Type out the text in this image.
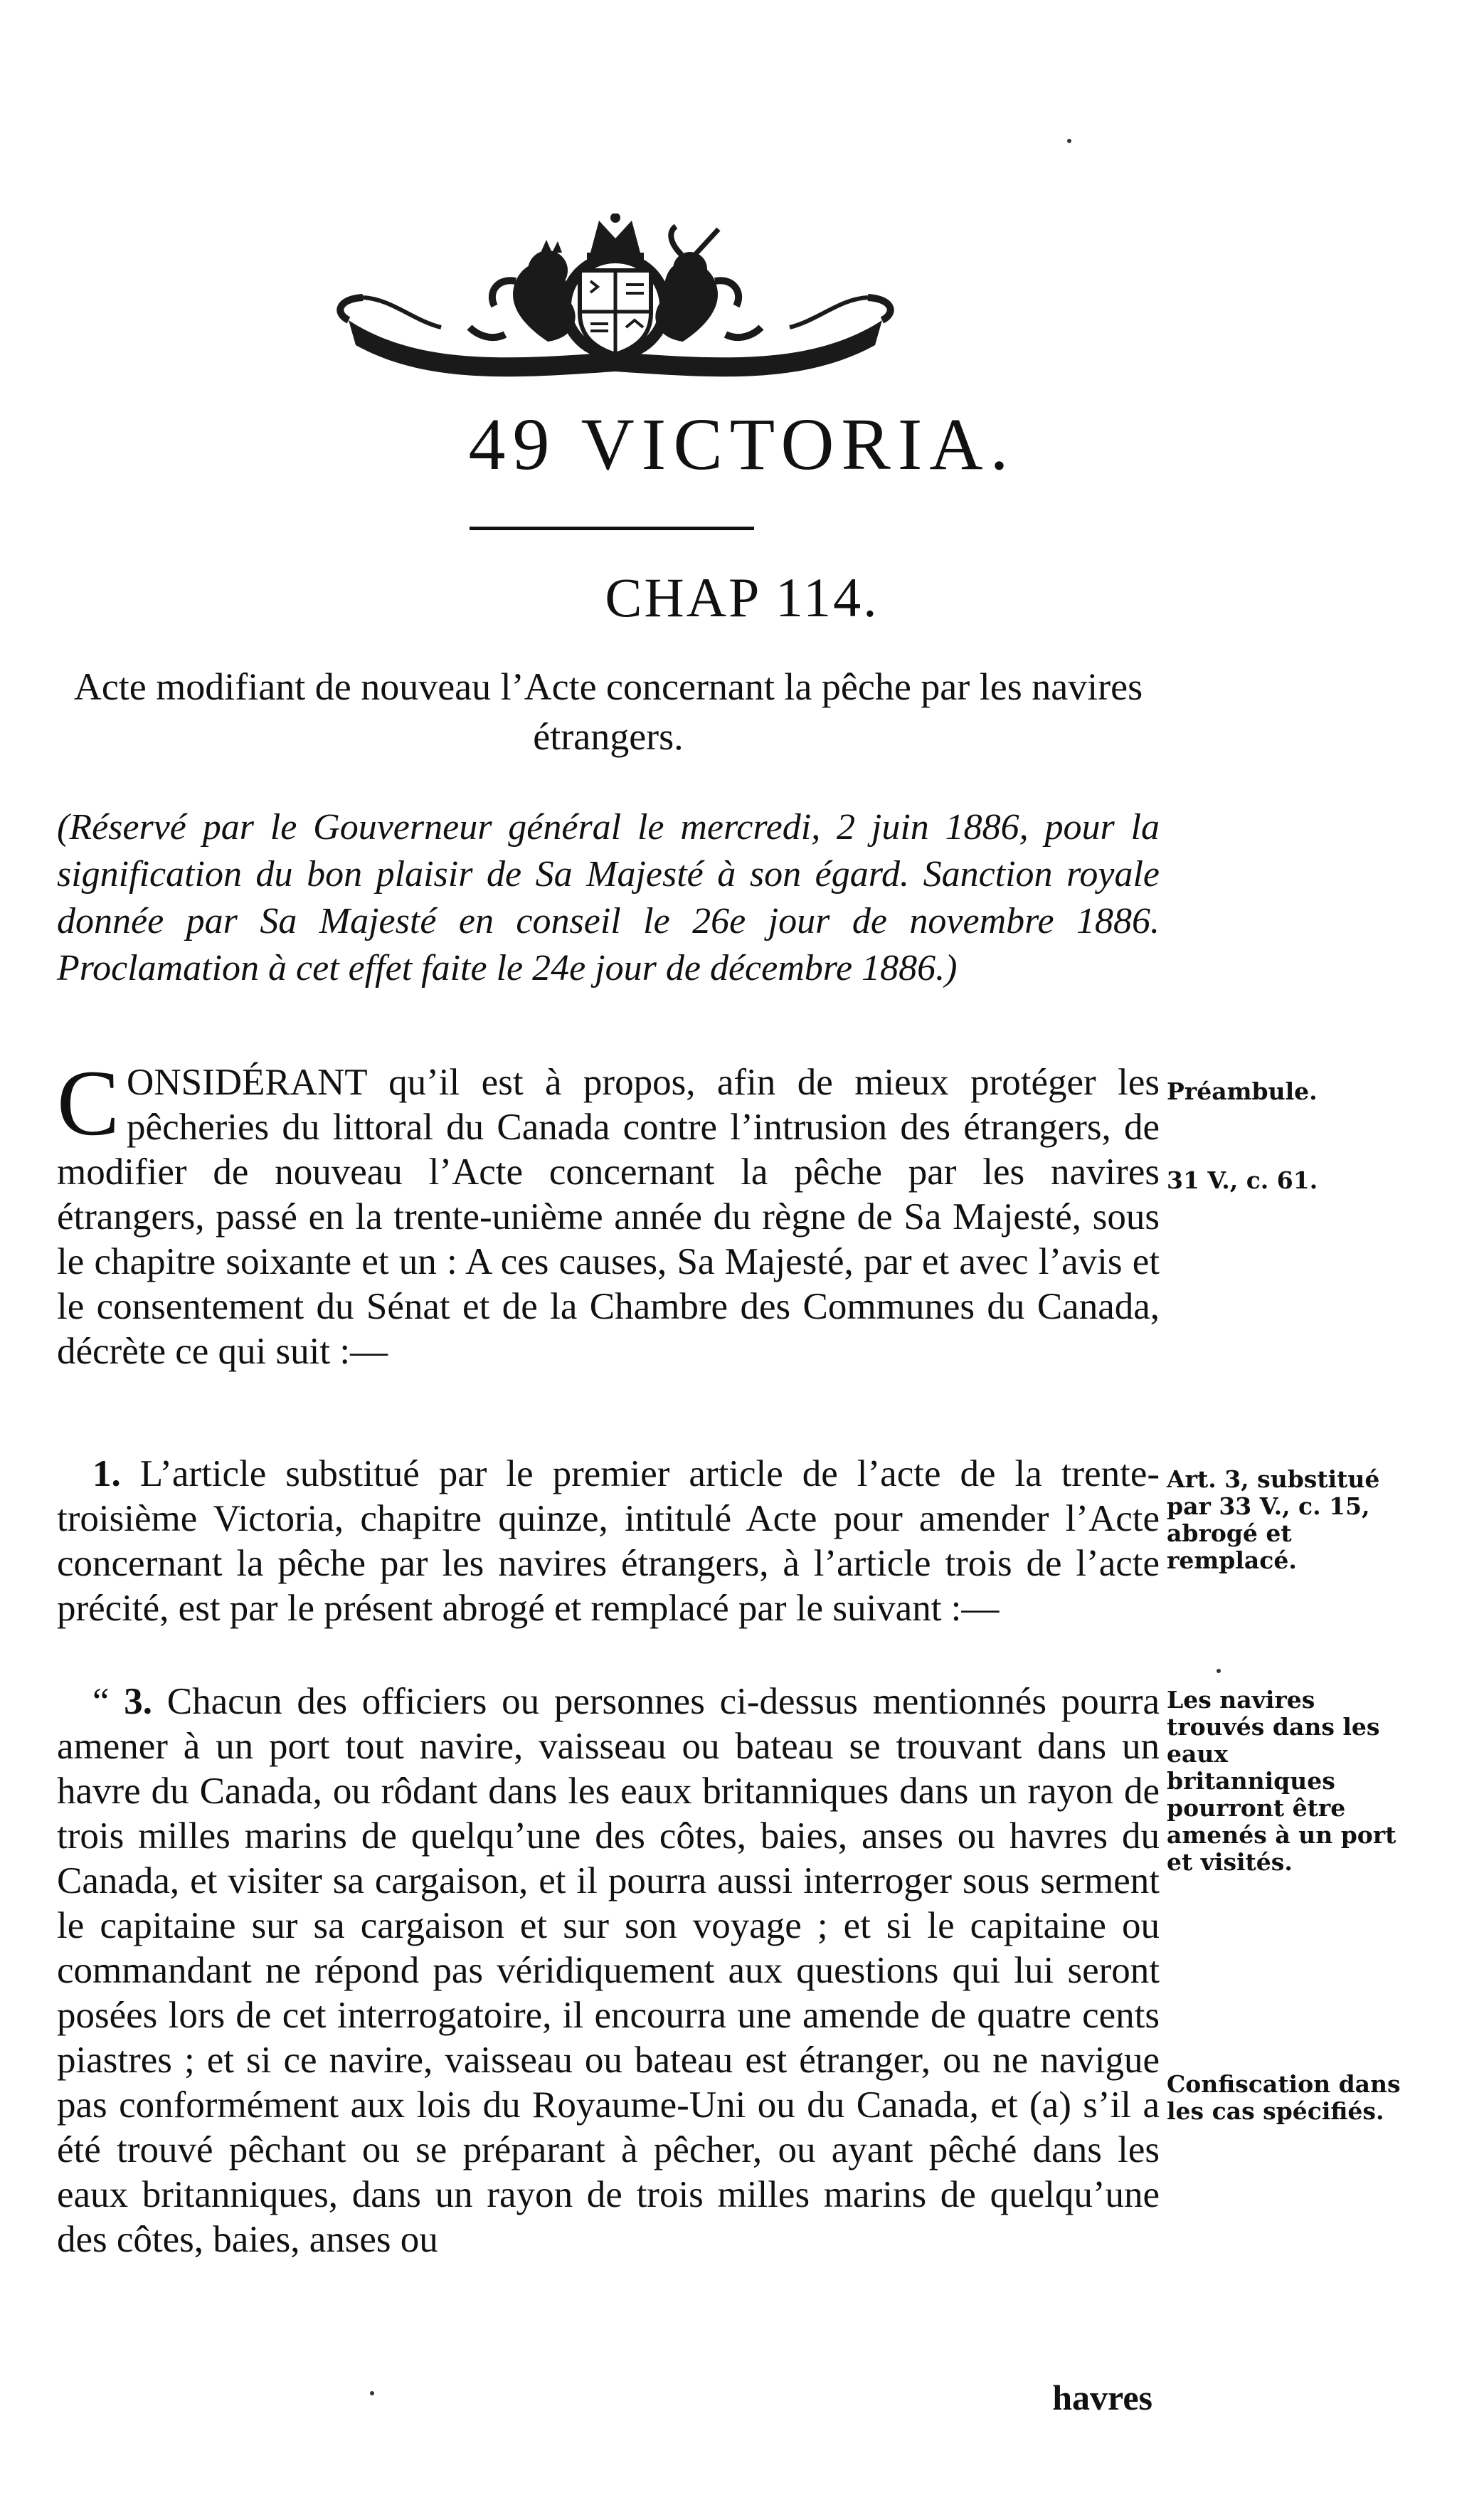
49 VICTORIA.
CHAP 114.
Acte modifiant de nouveau l’Acte concernant la pêche par les navires étrangers.
(Réservé par le Gouverneur général le mercredi, 2 juin 1886, pour la signification du bon plaisir de Sa Majesté à son égard. Sanction royale donnée par Sa Majesté en conseil le 26e jour de novembre 1886. Proclamation à cet effet faite le 24e jour de décembre 1886.)
C ONSIDÉRANT qu’il est à propos, afin de mieux protéger les pêcheries du littoral du Canada contre l’intrusion des étrangers, de modifier de nouveau l’Acte concernant la pêche par les navires étrangers, passé en la trente-unième année du règne de Sa Majesté, sous le chapitre soixante et un : A ces causes, Sa Majesté, par et avec l’avis et le consentement du Sénat et de la Chambre des Communes du Canada, décrète ce qui suit :—
1. L’article substitué par le premier article de l’acte de la trente-troisième Victoria, chapitre quinze, intitulé Acte pour amender l’Acte concernant la pêche par les navires étrangers, à l’article trois de l’acte précité, est par le présent abrogé et remplacé par le suivant :—
“ 3. Chacun des officiers ou personnes ci-dessus mentionnés pourra amener à un port tout navire, vaisseau ou bateau se trouvant dans un havre du Canada, ou rôdant dans les eaux britanniques dans un rayon de trois milles marins de quelqu’une des côtes, baies, anses ou havres du Canada, et visiter sa cargaison, et il pourra aussi interroger sous serment le capitaine sur sa cargaison et sur son voyage ; et si le capitaine ou commandant ne répond pas véridiquement aux questions qui lui seront posées lors de cet interrogatoire, il encourra une amende de quatre cents piastres ; et si ce navire, vaisseau ou bateau est étranger, ou ne navigue pas conformément aux lois du Royaume-Uni ou du Canada, et (a) s’il a été trouvé pêchant ou se préparant à pêcher, ou ayant pêché dans les eaux britanniques, dans un rayon de trois milles marins de quelqu’une des côtes, baies, anses ou
Préambule.
31 V., c. 61.
Art. 3, substitué par 33 V., c. 15, abrogé et remplacé.
Les navires trouvés dans les eaux britanniques pourront être amenés à un port et visités.
Confiscation dans les cas spécifiés.
havres
